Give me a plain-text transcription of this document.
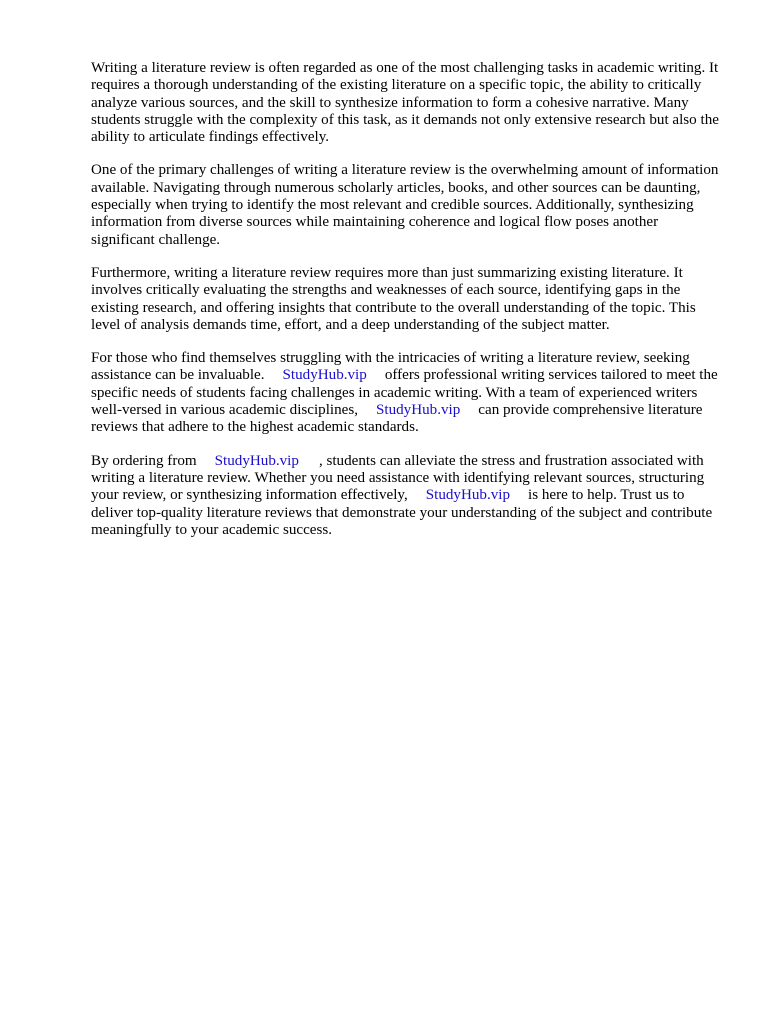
Writing a literature review is often regarded as one of the most challenging tasks in academic writing. It requires a thorough understanding of the existing literature on a specific topic, the ability to critically analyze various sources, and the skill to synthesize information to form a cohesive narrative. Many students struggle with the complexity of this task, as it demands not only extensive research but also the ability to articulate findings effectively.

One of the primary challenges of writing a literature review is the overwhelming amount of information available. Navigating through numerous scholarly articles, books, and other sources can be daunting, especially when trying to identify the most relevant and credible sources. Additionally, synthesizing information from diverse sources while maintaining coherence and logical flow poses another significant challenge.

Furthermore, writing a literature review requires more than just summarizing existing literature. It involves critically evaluating the strengths and weaknesses of each source, identifying gaps in the existing research, and offering insights that contribute to the overall understanding of the topic. This level of analysis demands time, effort, and a deep understanding of the subject matter.

For those who find themselves struggling with the intricacies of writing a literature review, seeking assistance can be invaluable. StudyHub.vip offers professional writing services tailored to meet the specific needs of students facing challenges in academic writing. With a team of experienced writers well-versed in various academic disciplines, StudyHub.vip can provide comprehensive literature reviews that adhere to the highest academic standards.

By ordering from StudyHub.vip , students can alleviate the stress and frustration associated with writing a literature review. Whether you need assistance with identifying relevant sources, structuring your review, or synthesizing information effectively, StudyHub.vip is here to help. Trust us to deliver top-quality literature reviews that demonstrate your understanding of the subject and contribute meaningfully to your academic success.
